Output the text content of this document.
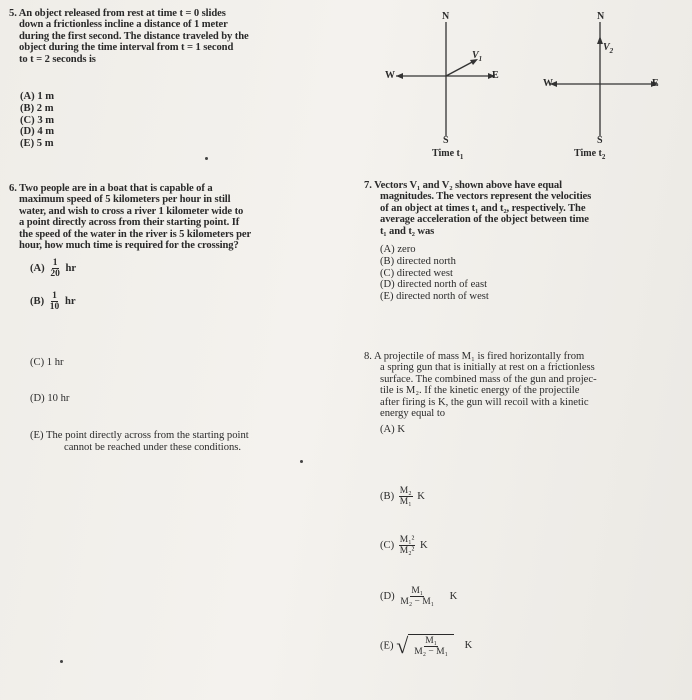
5. An object released from rest at time t = 0 slides
down a frictionless incline a distance of 1 meter
during the first second. The distance traveled by the
object during the time interval from t = 1 second
to t = 2 seconds is
(A) 1 m
(B) 2 m
(C) 3 m
(D) 4 m
(E) 5 m
N
S
W	E
$V_1$
Time $t_1$
N
S
W	E
$V_2$
Time $t_2$
6. Two people are in a boat that is capable of a
maximum speed of 5 kilometers per hour in still
water, and wish to cross a river 1 kilometer wide to
a point directly across from their starting point. If
the speed of the water in the river is 5 kilometers per
hour, how much time is required for the crossing?
$(A) \frac{1}{20}$ hr
$(B) \frac{1}{10}$ hr
(C) 1 hr
(D) 10 hr
(E) The point directly across from the starting point
cannot be reached under these conditions.
7. Vectors V₁ and V₂ shown above have equal
magnitudes. The vectors represent the velocities
of an object at times t₁ and t₂, respectively. The
average acceleration of the object between time
t₁ and t₂ was
(A) zero
(B) directed north
(C) directed west
(D) directed north of east
(E) directed north of west
8. A projectile of mass M₁ is fired horizontally from
a spring gun that is initially at rest on a frictionless
surface. The combined mass of the gun and projec-
tile is M₂. If the kinetic energy of the projectile
after firing is K, the gun will recoil with a kinetic
energy equal to
(A) K
$(B) \frac{\text{M₂}}{\text{M₁}}$ K
$(C) \frac{\text{M₁²}}{\text{M₂²}}$ K
$(D) \frac{\text{M₁}}{\text{M₂ − M₁}}$ K
(E) √ $\frac{\text{M₁}}{\text{M₂ − M₁}}$ K
